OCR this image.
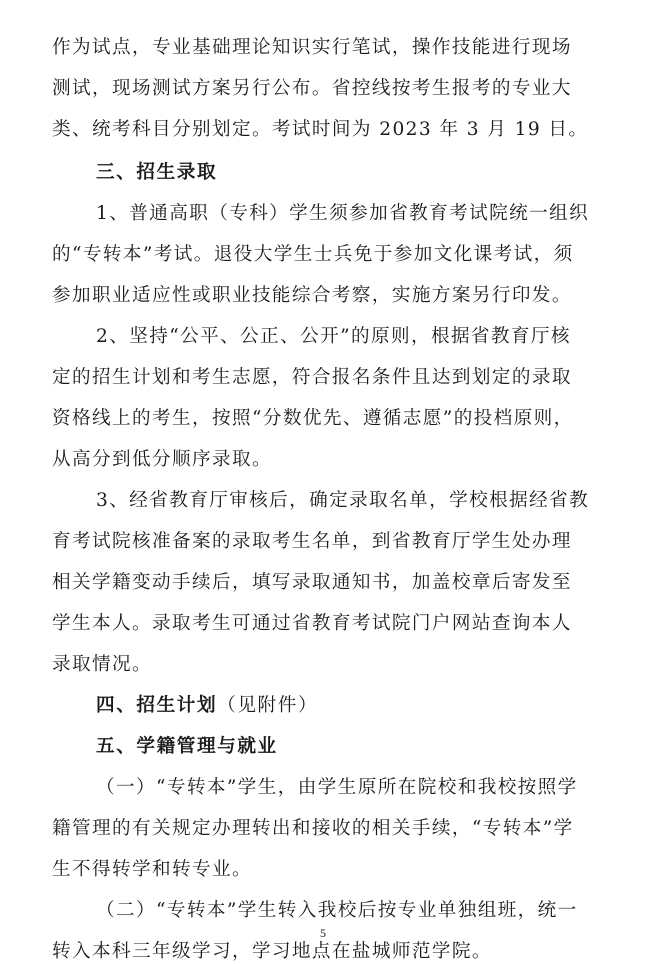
作为试点，专业基础理论知识实行笔试，操作技能进行现场
测试，现场测试方案另行公布。省控线按考生报考的专业大
类、统考科目分别划定。考试时间为 2023 年 3 月 19 日。
三、招生录取
1、普通高职（专科）学生须参加省教育考试院统一组织
的“专转本”考试。退役大学生士兵免于参加文化课考试，须
参加职业适应性或职业技能综合考察，实施方案另行印发。
2、坚持“公平、公正、公开”的原则，根据省教育厅核
定的招生计划和考生志愿，符合报名条件且达到划定的录取
资格线上的考生，按照“分数优先、遵循志愿”的投档原则，
从高分到低分顺序录取。
3、经省教育厅审核后，确定录取名单，学校根据经省教
育考试院核准备案的录取考生名单，到省教育厅学生处办理
相关学籍变动手续后，填写录取通知书，加盖校章后寄发至
学生本人。录取考生可通过省教育考试院门户网站查询本人
录取情况。
四、招生计划（见附件）
五、学籍管理与就业
（一）“专转本”学生，由学生原所在院校和我校按照学
籍管理的有关规定办理转出和接收的相关手续，“专转本”学
生不得转学和转专业。
（二）“专转本”学生转入我校后按专业单独组班，统一
转入本科三年级学习，学习地点在盐城师范学院。
5
